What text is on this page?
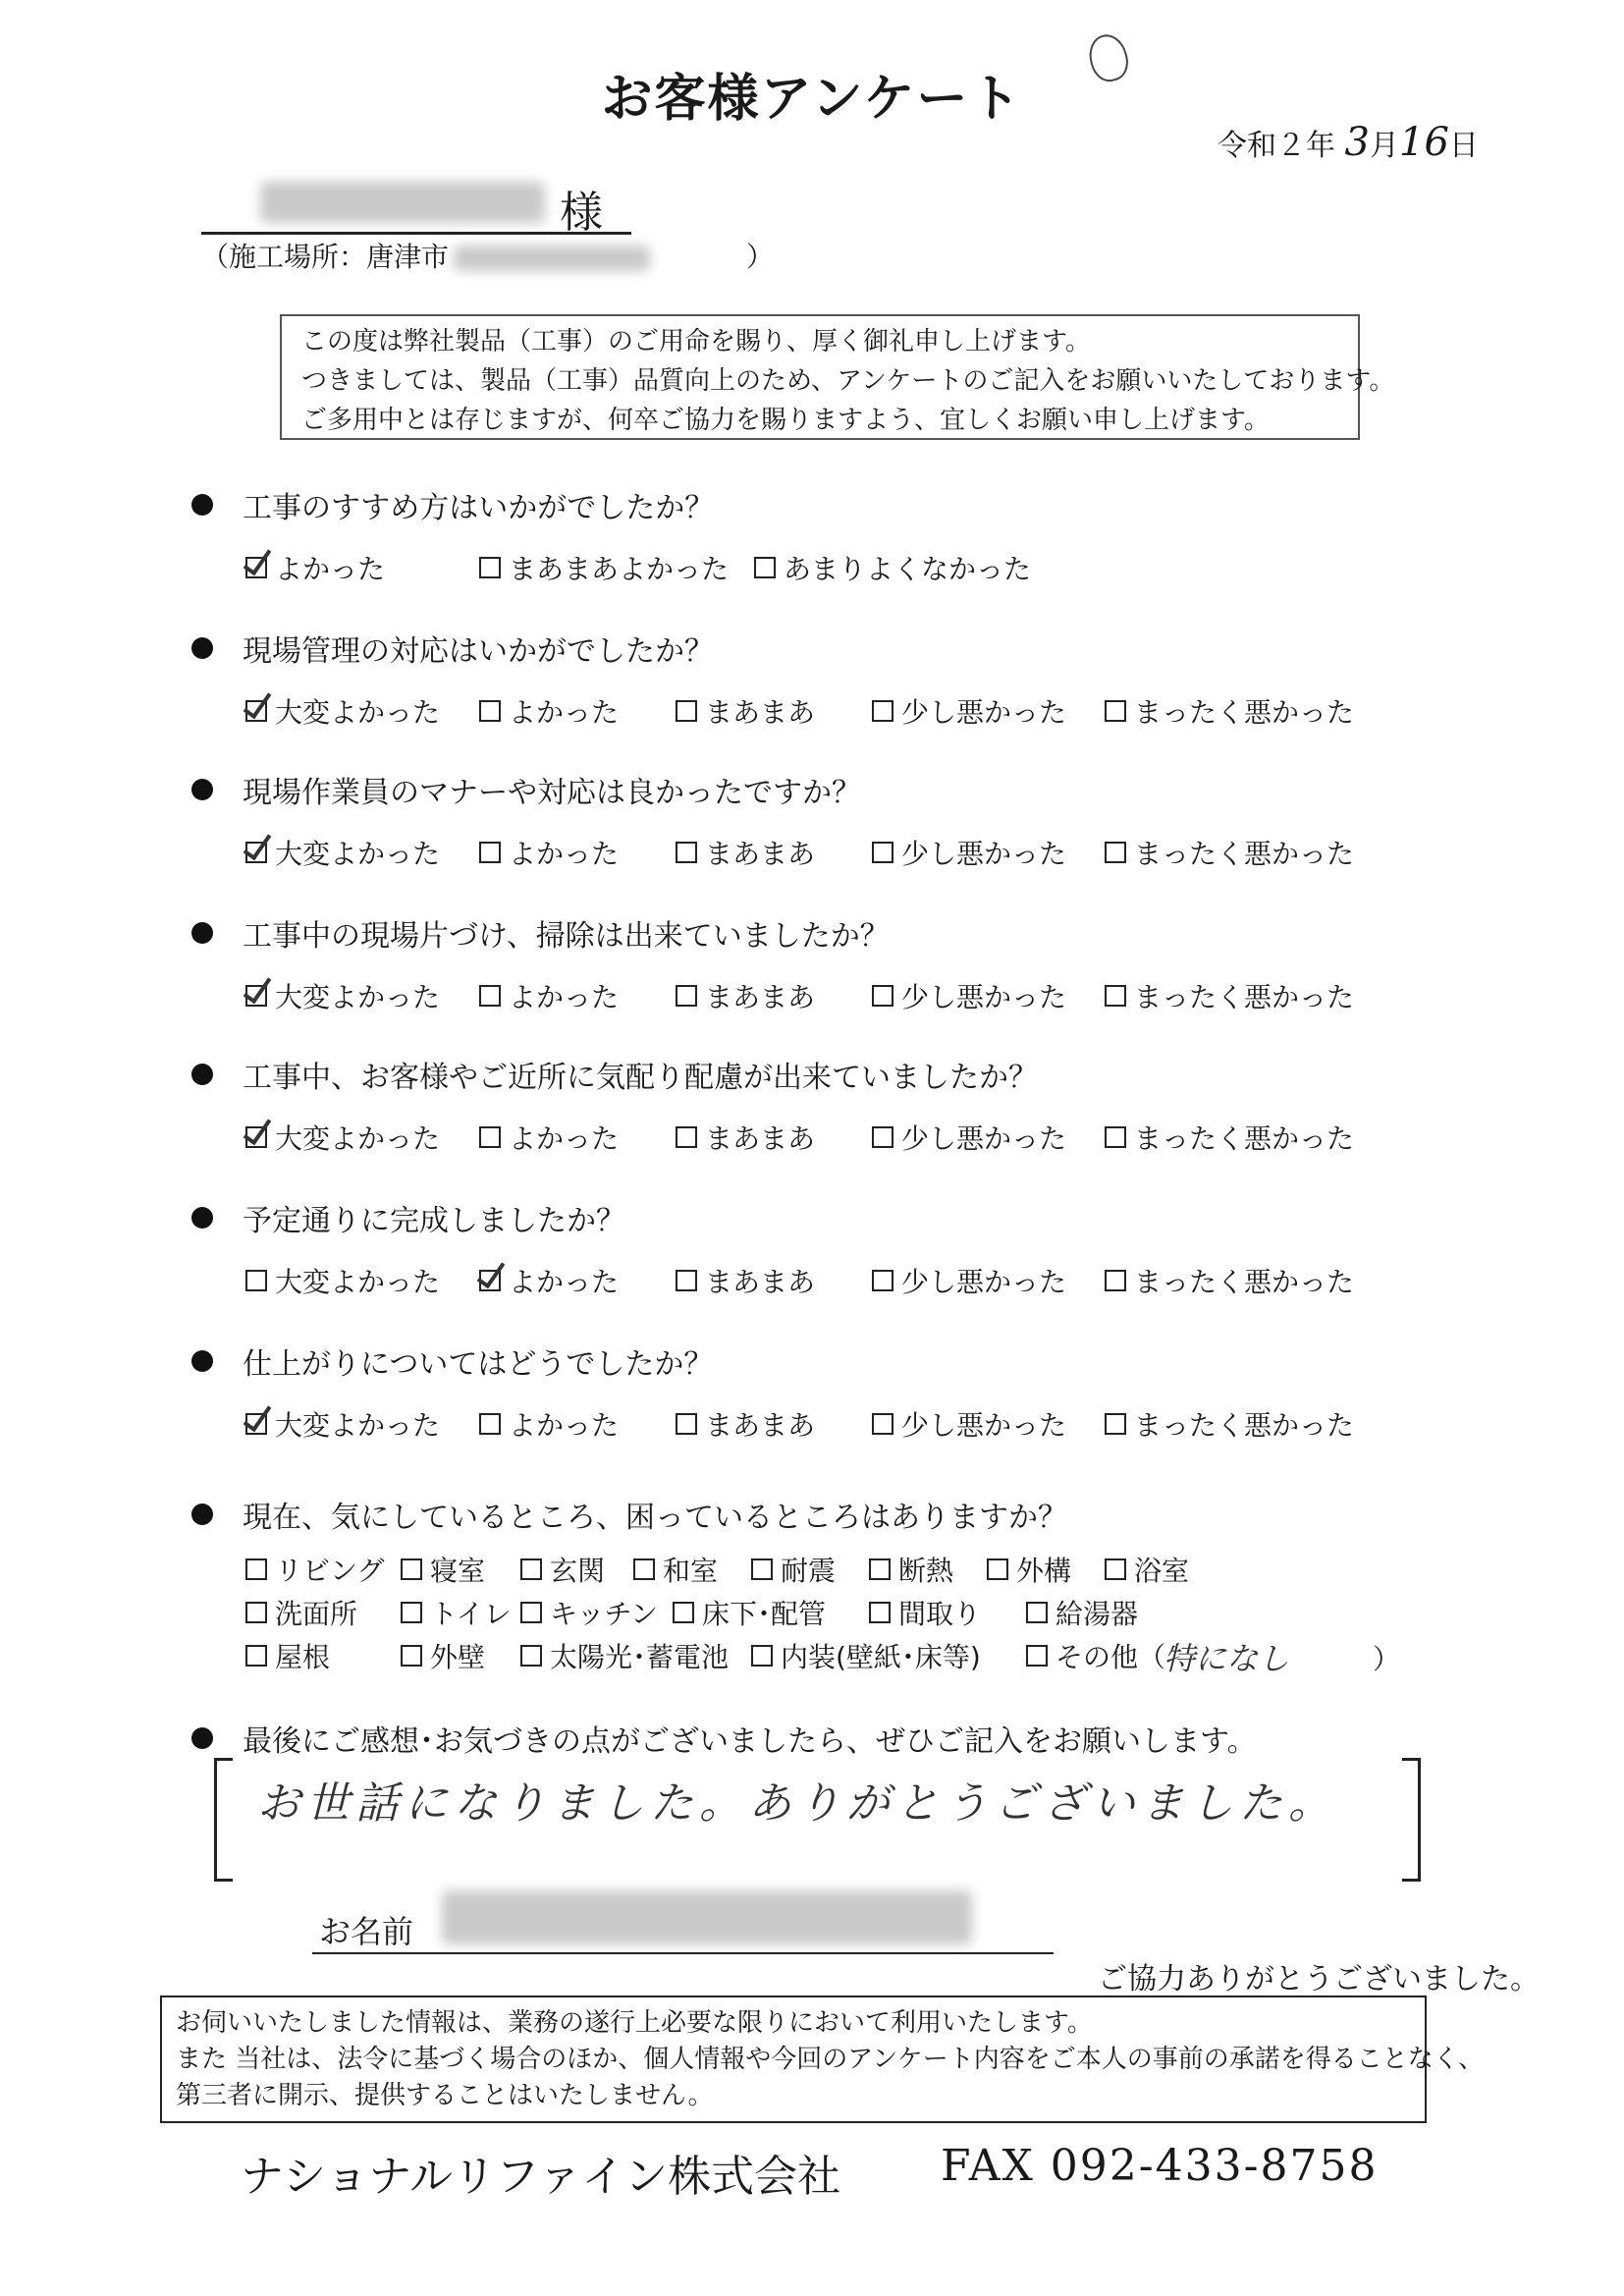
お客様アンケート
令和２年 3月16日
様
（施工場所：唐津市	）
この度は弊社製品（工事）のご用命を賜り、厚く御礼申し上げます。
つきましては、製品（工事）品質向上のため、アンケートのご記入をお願いいたしております。
ご多用中とは存じますが、何卒ご協力を賜りますよう、宜しくお願い申し上げます。
工事のすすめ方はいかがでしたか？
よかった	まあまあよかった あまりよくなかった
現場管理の対応はいかがでしたか？
大変よかった よかった	まあまあ	少し悪かった まったく悪かった
現場作業員のマナーや対応は良かったですか？
大変よかった よかった	まあまあ	少し悪かった まったく悪かった
工事中の現場片づけ、掃除は出来ていましたか？
大変よかった よかった	まあまあ	少し悪かった まったく悪かった
工事中、お客様やご近所に気配り配慮が出来ていましたか？
大変よかった よかった	まあまあ	少し悪かった まったく悪かった
予定通りに完成しましたか？
大変よかった よかった	まあまあ	少し悪かった まったく悪かった
仕上がりについてはどうでしたか？
大変よかった よかった	まあまあ	少し悪かった まったく悪かった
現在、気にしているところ、困っているところはありますか？
リビング 寝室 玄関 和室 耐震 断熱 外構 浴室
洗面所	トイレ キッチン 床下･配管	間取り	給湯器
屋根	外壁 太陽光･蓄電池 内装(壁紙･床等)	その他（
特になし	）
最後にご感想･お気づきの点がございましたら、ぜひご記入をお願いします。
お世話になりました。ありがとうございました。
お名前
ご協力ありがとうございました。
お伺いいたしました情報は、業務の遂行上必要な限りにおいて利用いたします。
また 当社は、法令に基づく場合のほか、個人情報や今回のアンケート内容をご本人の事前の承諾を得ることなく、
第三者に開示、提供することはいたしません。
ナショナルリファイン株式会社 FAX 092-433-8758
